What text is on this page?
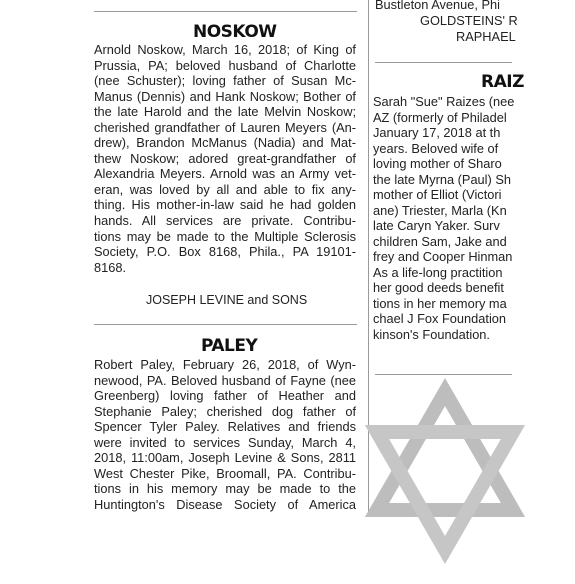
NOSKOW
Arnold Noskow, March 16, 2018; of King of
Prussia, PA; beloved husband of Charlotte
(nee Schuster); loving father of Susan Mc-
Manus (Dennis) and Hank Noskow; Bother of
the late Harold and the late Melvin Noskow;
cherished grandfather of Lauren Meyers (An-
drew), Brandon McManus (Nadia) and Mat-
thew Noskow; adored great-grandfather of
Alexandria Meyers. Arnold was an Army vet-
eran, was loved by all and able to fix any-
thing. His mother-in-law said he had golden
hands. All services are private. Contribu-
tions may be made to the Multiple Sclerosis
Society, P.O. Box 8168, Phila., PA 19101-
8168.
JOSEPH LEVINE and SONS
PALEY
Robert Paley, February 26, 2018, of Wyn-
newood, PA. Beloved husband of Fayne (nee
Greenberg) loving father of Heather and
Stephanie Paley; cherished dog father of
Spencer Tyler Paley. Relatives and friends
were invited to services Sunday, March 4,
2018, 11:00am, Joseph Levine & Sons, 2811
West Chester Pike, Broomall, PA. Contribu-
tions in his memory may be made to the
Huntington's Disease Society of America
Bustleton Avenue, Phi
GOLDSTEINS' R
RAPHAEL
RAIZ
Sarah "Sue" Raizes (nee
AZ (formerly of Philadel
January 17, 2018 at th
years. Beloved wife of
loving mother of Sharo
the late Myrna (Paul) Sh
mother of Elliot (Victori
ane) Triester, Marla (Kn
late Caryn Yaker. Surv
children Sam, Jake and
frey and Cooper Hinman
As a life-long practition
her good deeds benefit
tions in her memory ma
chael J Fox Foundation
kinson's Foundation.
